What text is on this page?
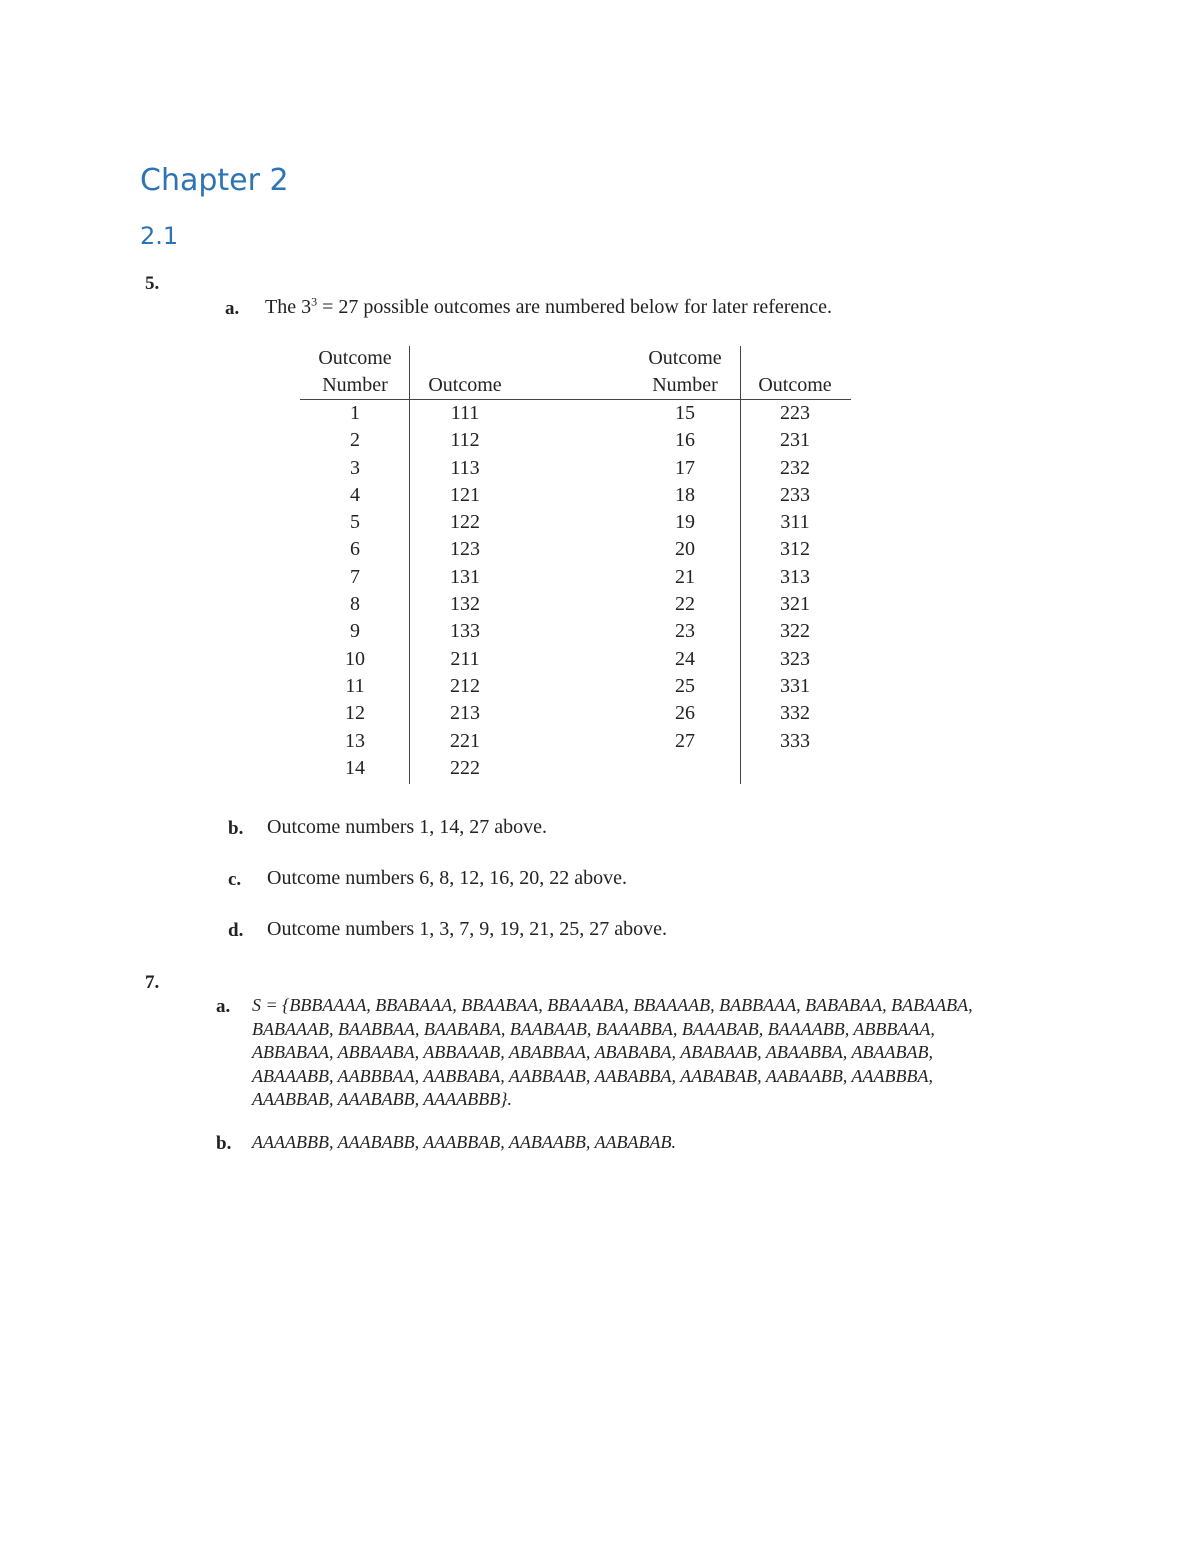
Chapter 2
2.1
5.
a. The $3^3 = 27$ possible outcomes are numbered below for later reference.
Outcome
Number	Outcome
Outcome
Number	Outcome
1
2
3
4
5
6
7
8
9
10
11
12
13
14
111
112
113
121
122
123
131
132
133
211
212
213
221
222
15
16
17
18
19
20
21
22
23
24
25
26
27
223
231
232
233
311
312
313
321
322
323
331
332
333
b. Outcome numbers 1, 14, 27 above.
c. Outcome numbers 6, 8, 12, 16, 20, 22 above.
d. Outcome numbers 1, 3, 7, 9, 19, 21, 25, 27 above.
7.
a. S = {BBBAAAA, BBABAAA, BBAABAA, BBAAABA, BBAAAAB, BABBAAA, BABABAA, BABAABA,
BABAAAB, BAABBAA, BAABABA, BAABAAB, BAAABBA, BAAABAB, BAAAABB, ABBBAAA,
ABBABAA, ABBAABA, ABBAAAB, ABABBAA, ABABABA, ABABAAB, ABAABBA, ABAABAB,
ABAAABB, AABBBAA, AABBABA, AABBAAB, AABABBA, AABABAB, AABAABB, AAABBBA,
AAABBAB, AAABABB, AAAABBB}.
b. AAAABBB, AAABABB, AAABBAB, AABAABB, AABABAB.
